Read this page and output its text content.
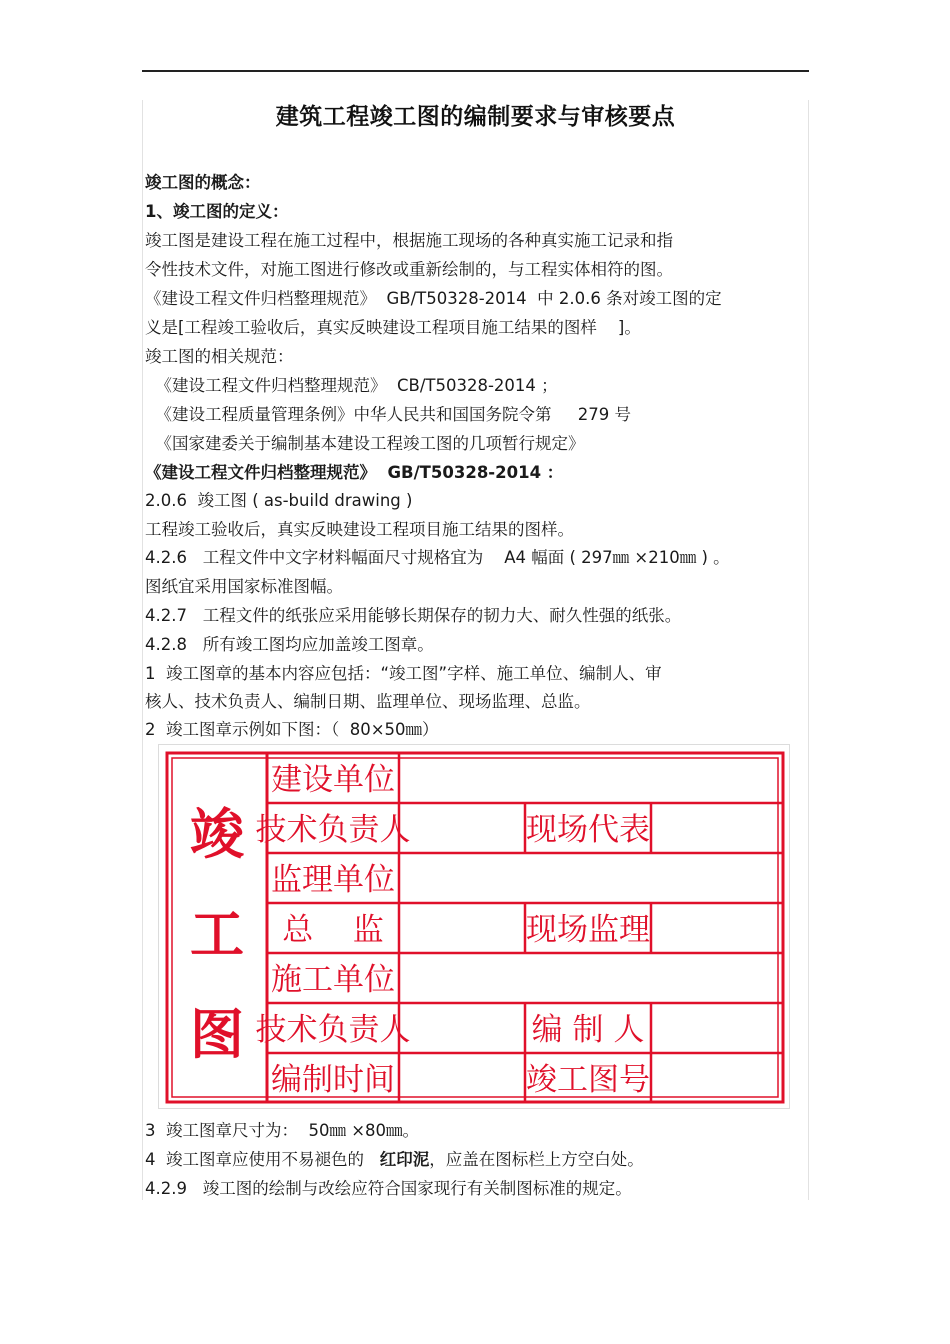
建筑工程竣工图的编制要求与审核要点
竣工图的概念：
1、竣工图的定义：
竣工图是建设工程在施工过程中，根据施工现场的各种真实施工记录和指
令性技术文件，对施工图进行修改或重新绘制的，与工程实体相符的图。
《建设工程文件归档整理规范》  GB/T50328-2014  中 2.0.6 条对竣工图的定
义是[工程竣工验收后，真实反映建设工程项目施工结果的图样    ]。
竣工图的相关规范：
《建设工程文件归档整理规范》  CB/T50328-2014 ；
《建设工程质量管理条例》中华人民共和国国务院令第     279 号
《国家建委关于编制基本建设工程竣工图的几项暂行规定》
《建设工程文件归档整理规范》  GB/T50328-2014 ：
2.0.6  竣工图 ( as-build drawing )
工程竣工验收后，真实反映建设工程项目施工结果的图样。
4.2.6   工程文件中文字材料幅面尺寸规格宜为    A4 幅面 ( 297㎜ ×210㎜ ) 。
图纸宜采用国家标准图幅。
4.2.7   工程文件的纸张应采用能够长期保存的韧力大、耐久性强的纸张。
4.2.8   所有竣工图均应加盖竣工图章。
1  竣工图章的基本内容应包括：“竣工图”字样、施工单位、编制人、审
核人、技术负责人、编制日期、监理单位、现场监理、总监。
2  竣工图章示例如下图：（  80×50㎜）
竣
工
图
建设单位
技术负责人	现场代表
监理单位
总    监	现场监理
施工单位
技术负责人	编 制 人
编制时间	竣工图号
3  竣工图章尺寸为：  50㎜ ×80㎜。
4  竣工图章应使用不易褪色的   红印泥，应盖在图标栏上方空白处。
4.2.9   竣工图的绘制与改绘应符合国家现行有关制图标准的规定。
